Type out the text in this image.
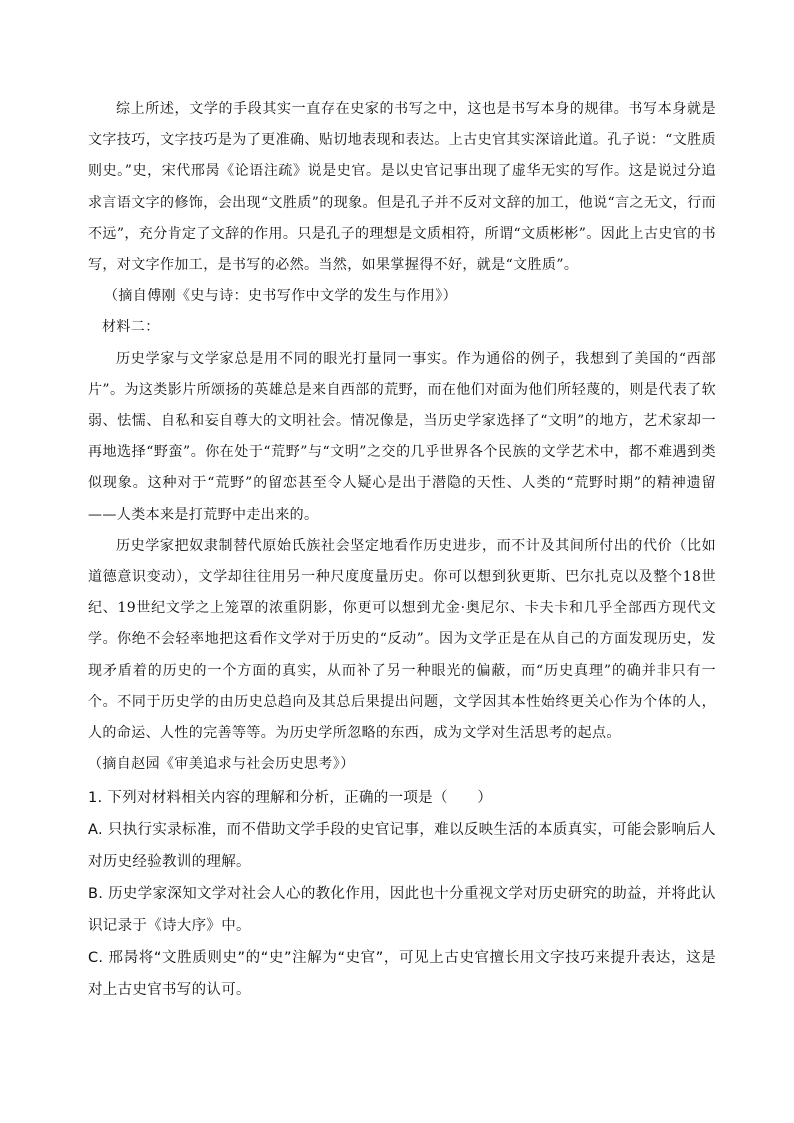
综上所述，文学的手段其实一直存在史家的书写之中，这也是书写本身的规律。书写本身就是文字技巧，文字技巧是为了更准确、贴切地表现和表达。上古史官其实深谙此道。孔子说：“文胜质则史。”史，宋代邢昺《论语注疏》说是史官。是以史官记事出现了虚华无实的写作。这是说过分追求言语文字的修饰，会出现“文胜质”的现象。但是孔子并不反对文辞的加工，他说“言之无文，行而不远”，充分肯定了文辞的作用。只是孔子的理想是文质相符，所谓“文质彬彬”。因此上古史官的书写，对文字作加工，是书写的必然。当然，如果掌握得不好，就是“文胜质”。

（摘自傅刚《史与诗：史书写作中文学的发生与作用》）

材料二：

历史学家与文学家总是用不同的眼光打量同一事实。作为通俗的例子，我想到了美国的“西部片”。为这类影片所颂扬的英雄总是来自西部的荒野，而在他们对面为他们所轻蔑的，则是代表了软弱、怯懦、自私和妄自尊大的文明社会。情况像是，当历史学家选择了“文明”的地方，艺术家却一再地选择“野蛮”。你在处于“荒野”与“文明”之交的几乎世界各个民族的文学艺术中，都不难遇到类似现象。这种对于“荒野”的留恋甚至令人疑心是出于潜隐的天性、人类的“荒野时期”的精神遗留——人类本来是打荒野中走出来的。

历史学家把奴隶制替代原始氏族社会坚定地看作历史进步，而不计及其间所付出的代价（比如道德意识变动），文学却往往用另一种尺度度量历史。你可以想到狄更斯、巴尔扎克以及整个18世纪、19世纪文学之上笼罩的浓重阴影，你更可以想到尤金·奥尼尔、卡夫卡和几乎全部西方现代文学。你绝不会轻率地把这看作文学对于历史的“反动”。因为文学正是在从自己的方面发现历史，发现矛盾着的历史的一个方面的真实，从而补了另一种眼光的偏蔽，而“历史真理”的确并非只有一个。不同于历史学的由历史总趋向及其总后果提出问题，文学因其本性始终更关心作为个体的人，人的命运、人性的完善等等。为历史学所忽略的东西，成为文学对生活思考的起点。

（摘自赵园《审美追求与社会历史思考》）

1. 下列对材料相关内容的理解和分析，正确的一项是（　　）

A. 只执行实录标准，而不借助文学手段的史官记事，难以反映生活的本质真实，可能会影响后人对历史经验教训的理解。

B. 历史学家深知文学对社会人心的教化作用，因此也十分重视文学对历史研究的助益，并将此认识记录于《诗大序》中。

C. 邢昺将“文胜质则史”的“史”注解为“史官”，可见上古史官擅长用文字技巧来提升表达，这是对上古史官书写的认可。
